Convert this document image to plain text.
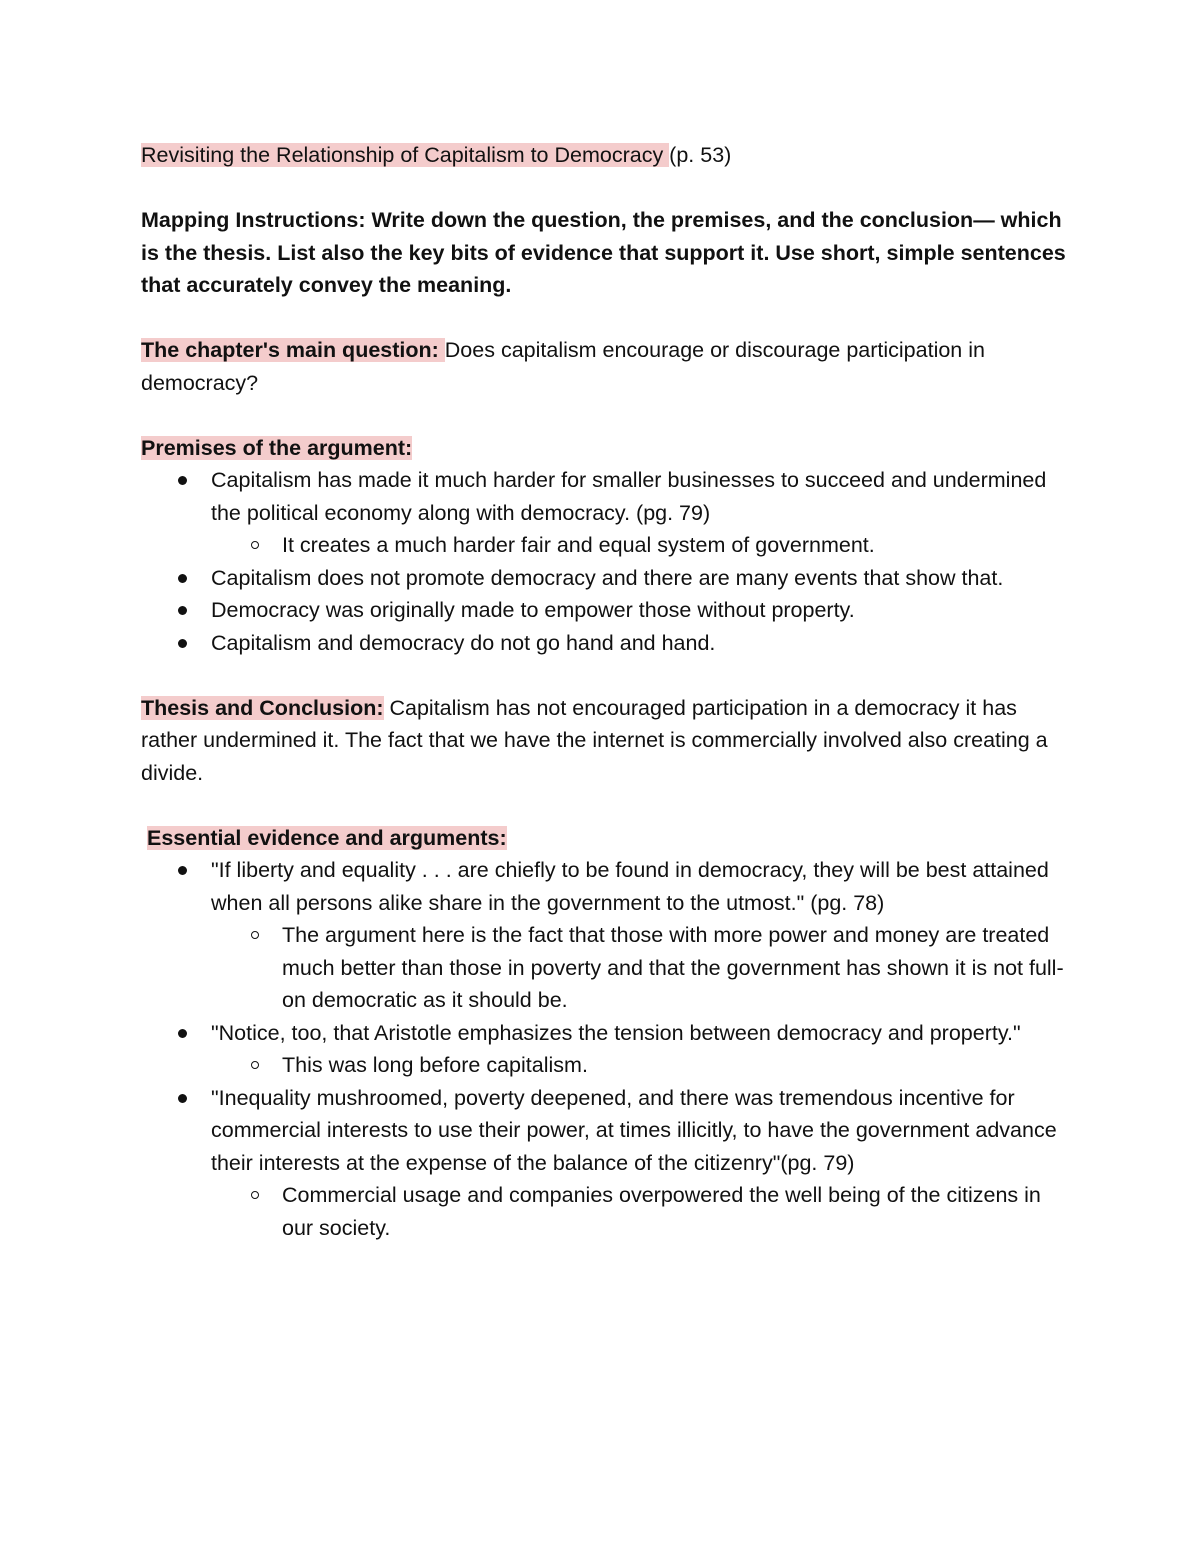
Revisiting the Relationship of Capitalism to Democracy (p. 53)

Mapping Instructions: Write down the question, the premises, and the conclusion— which is the thesis. List also the key bits of evidence that support it. Use short, simple sentences that accurately convey the meaning.

The chapter's main question: Does capitalism encourage or discourage participation in democracy?

Premises of the argument:

Capitalism has made it much harder for smaller businesses to succeed and undermined the political economy along with democracy. (pg. 79)
It creates a much harder fair and equal system of government.
Capitalism does not promote democracy and there are many events that show that.
Democracy was originally made to empower those without property.
Capitalism and democracy do not go hand and hand.

Thesis and Conclusion: Capitalism has not encouraged participation in a democracy it has rather undermined it. The fact that we have the internet is commercially involved also creating a divide.

Essential evidence and arguments:

"If liberty and equality . . . are chiefly to be found in democracy, they will be best attained when all persons alike share in the government to the utmost." (pg. 78)
The argument here is the fact that those with more power and money are treated much better than those in poverty and that the government has shown it is not full-on democratic as it should be.
"Notice, too, that Aristotle emphasizes the tension between democracy and property."
This was long before capitalism.
"Inequality mushroomed, poverty deepened, and there was tremendous incentive for commercial interests to use their power, at times illicitly, to have the government advance their interests at the expense of the balance of the citizenry"(pg. 79)
Commercial usage and companies overpowered the well being of the citizens in our society.
